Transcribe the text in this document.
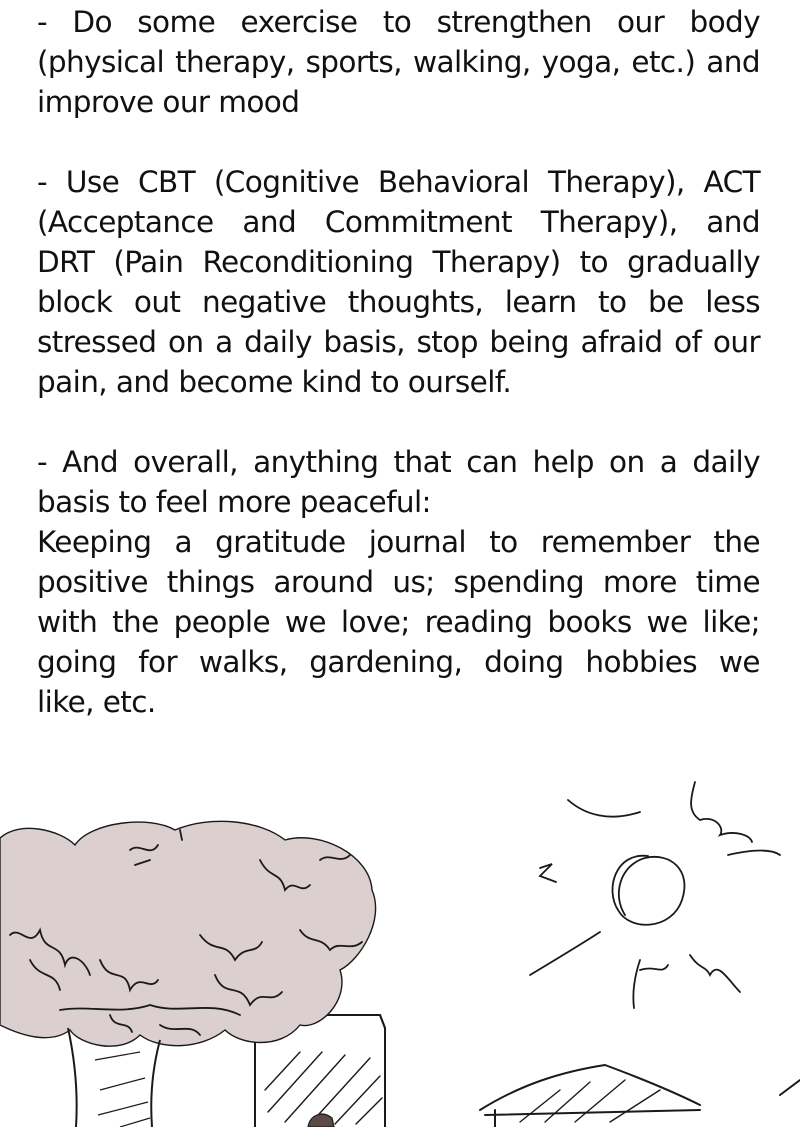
- Do some exercise to strengthen our body
(physical therapy, sports, walking, yoga, etc.) and
improve our mood
- Use CBT (Cognitive Behavioral Therapy), ACT
(Acceptance and Commitment Therapy), and
DRT (Pain Reconditioning Therapy) to gradually
block out negative thoughts, learn to be less
stressed on a daily basis, stop being afraid of our
pain, and become kind to ourself.
- And overall, anything that can help on a daily
basis to feel more peaceful:
Keeping a gratitude journal to remember the
positive things around us; spending more time
with the people we love; reading books we like;
going for walks, gardening, doing hobbies we
like, etc.
